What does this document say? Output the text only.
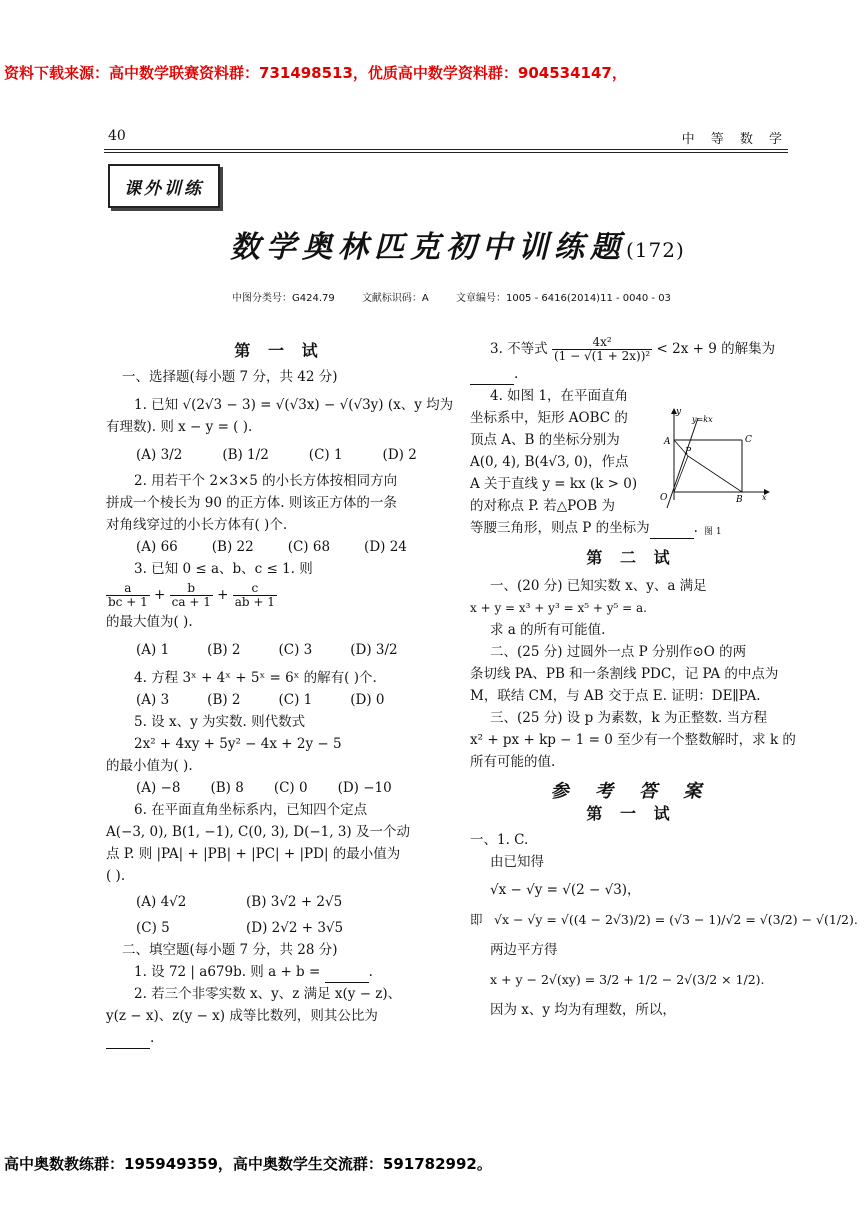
资料下载来源：高中数学联赛资料群：731498513，优质高中数学资料群：904534147，
40	中 等 数 学
课外训练
数学奥林匹克初中训练题(172)
中图分类号：G424.79	文献标识码：A	文章编号：1005 - 6416(2014)11 - 0040 - 03
第 一 试
一、选择题(每小题 7 分，共 42 分)
1. 已知 √(2√3 − 3) = √(√3x) − √(√3y) (x、y 均为
有理数). 则 x − y = ( ).
(A) 3/2	(B) 1/2	(C) 1	(D) 2
2. 用若干个 2×3×5 的小长方体按相同方向
拼成一个棱长为 90 的正方体. 则该正方体的一条
对角线穿过的小长方体有( )个.
(A) 66	(B) 22	(C) 68	(D) 24
3. 已知 0 ≤ a、b、c ≤ 1. 则
$\frac{a}{bc + 1} + \frac{b}{ca + 1} + \frac{c}{ab + 1}$
的最大值为( ).
(A) 1	(B) 2	(C) 3	(D) 3/2
4. 方程 3ˣ + 4ˣ + 5ˣ = 6ˣ 的解有( )个.
(A) 3	(B) 2	(C) 1	(D) 0
5. 设 x、y 为实数. 则代数式
2x² + 4xy + 5y² − 4x + 2y − 5
的最小值为( ).
(A) −8 (B) 8 (C) 0 (D) −10
6. 在平面直角坐标系内，已知四个定点
A(−3, 0), B(1, −1), C(0, 3), D(−1, 3) 及一个动
点 P. 则 |PA| + |PB| + |PC| + |PD| 的最小值为
( ).
(A) 4√2	(B) 3√2 + 2√5
(C) 5	(D) 2√2 + 3√5
二、填空题(每小题 7 分，共 28 分)
1. 设 72 | a679b. 则 a + b =	.
2. 若三个非零实数 x、y、z 满足 x(y − z)、
y(z − x)、z(y − x) 成等比数列，则其公比为
.
3. 不等式 $\frac{\text{4x²}}{\text{(1 − √(1 + 2x))²}} < 2x + 9$ 的解集为
.
4. 如图 1，在平面直角
坐标系中，矩形 AOBC 的
顶点 A、B 的坐标分别为
A(0, 4), B(4√3, 0)，作点
A 关于直线 y = kx (k > 0)
的对称点 P. 若△POB 为
等腰三角形，则点 P 的坐标为	.
第 二 试
一、(20 分) 已知实数 x、y、a 满足
x + y = x³ + y³ = x⁵ + y⁵ = a.
求 a 的所有可能值.
二、(25 分) 过圆外一点 P 分别作⊙O 的两
条切线 PA、PB 和一条割线 PDC，记 PA 的中点为
M，联结 CM，与 AB 交于点 E. 证明：DE∥PA.
三、(25 分) 设 p 为素数，k 为正整数. 当方程
x² + px + kp − 1 = 0 至少有一个整数解时，求 k 的
所有可能的值.
参 考 答 案
第 一 试
一、1. C.
由已知得
√x − √y = √(2 − √3)，
即 √x − √y = √((4 − 2√3)/2) = (√3 − 1)/√2 = √(3/2) − √(1/2).
两边平方得
x + y − 2√(xy) = 3/2 + 1/2 − 2√(3/2 × 1/2).
因为 x、y 均为有理数，所以，
y
y=kx
A	C
P
O	B x
图 1
高中奥数教练群：195949359，高中奥数学生交流群：591782992。
